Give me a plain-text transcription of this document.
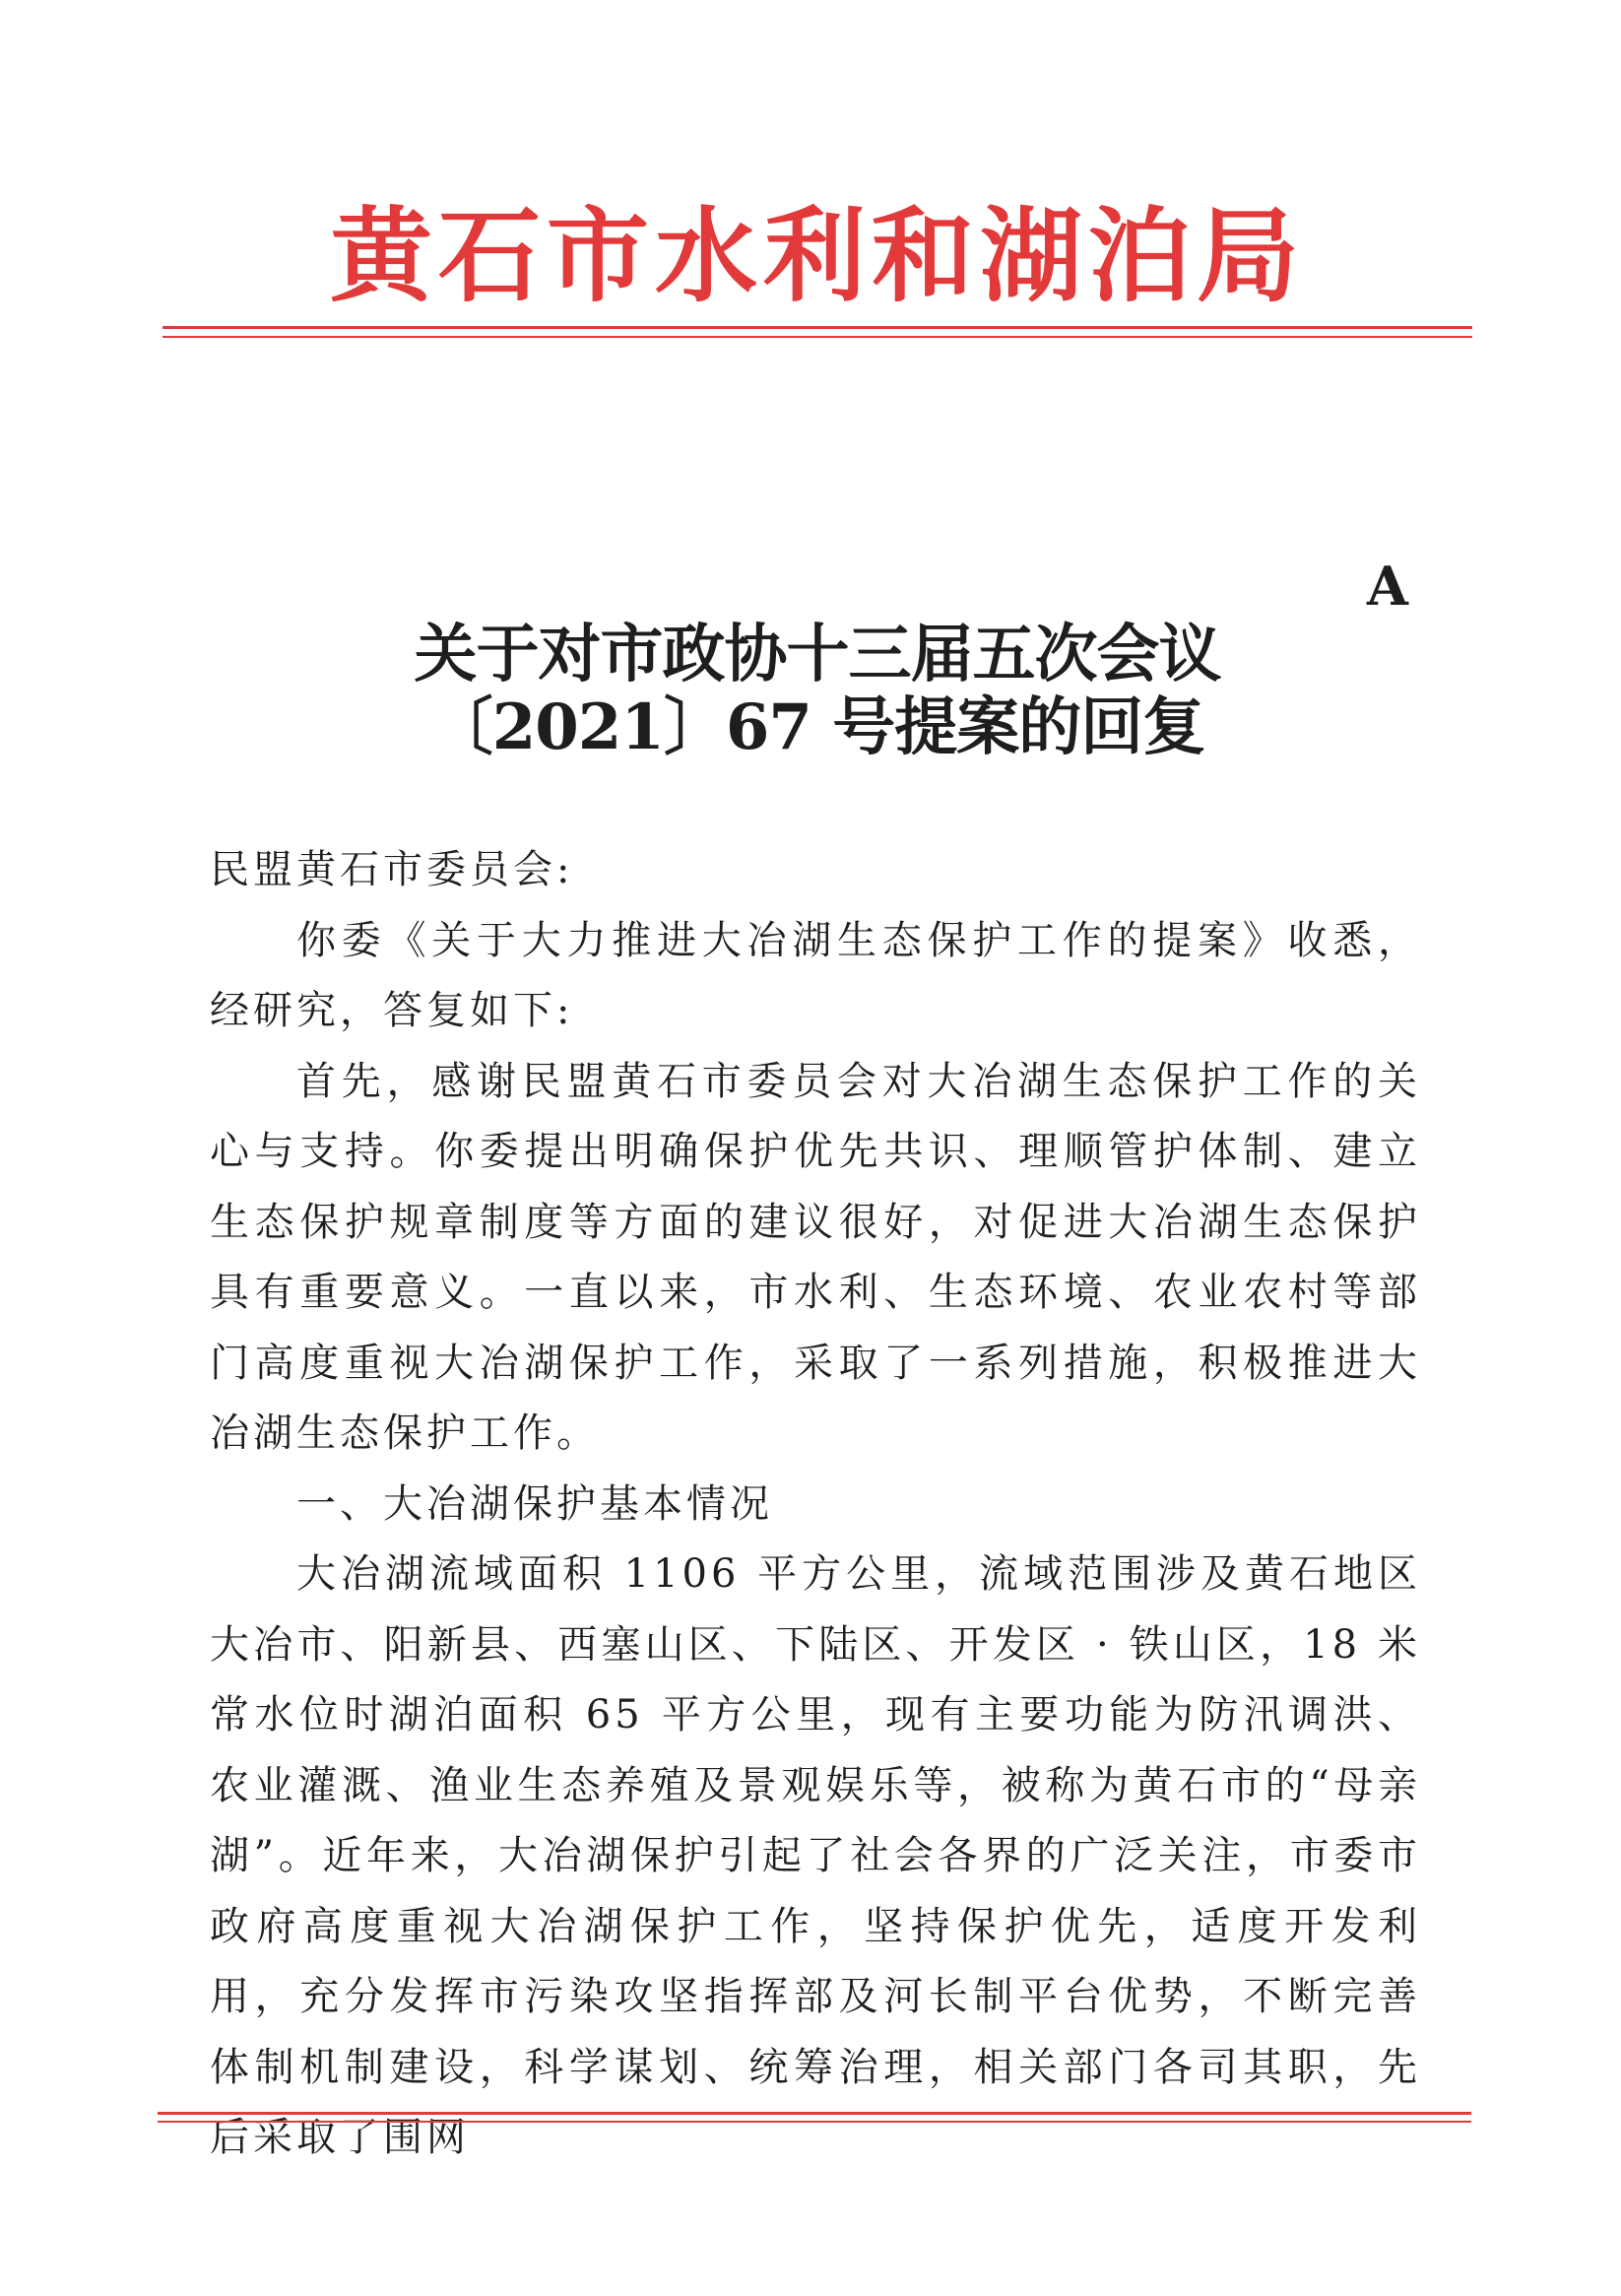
黄石市水利和湖泊局
A
关于对市政协十三届五次会议
〔2021〕67 号提案的回复

民盟黄石市委员会:

你委《关于大力推进大冶湖生态保护工作的提案》收悉，经研究，答复如下:

首先，感谢民盟黄石市委员会对大冶湖生态保护工作的关心与支持。你委提出明确保护优先共识、理顺管护体制、建立生态保护规章制度等方面的建议很好，对促进大冶湖生态保护具有重要意义。一直以来，市水利、生态环境、农业农村等部门高度重视大冶湖保护工作，采取了一系列措施，积极推进大冶湖生态保护工作。

一、大冶湖保护基本情况

大冶湖流域面积 1106 平方公里，流域范围涉及黄石地区大冶市、阳新县、西塞山区、下陆区、开发区 · 铁山区，18 米常水位时湖泊面积 65 平方公里，现有主要功能为防汛调洪、农业灌溉、渔业生态养殖及景观娱乐等，被称为黄石市的“母亲湖”。近年来，大冶湖保护引起了社会各界的广泛关注，市委市政府高度重视大冶湖保护工作，坚持保护优先，适度开发利用，充分发挥市污染攻坚指挥部及河长制平台优势，不断完善体制机制建设，科学谋划、统筹治理，相关部门各司其职，先后采取了围网
